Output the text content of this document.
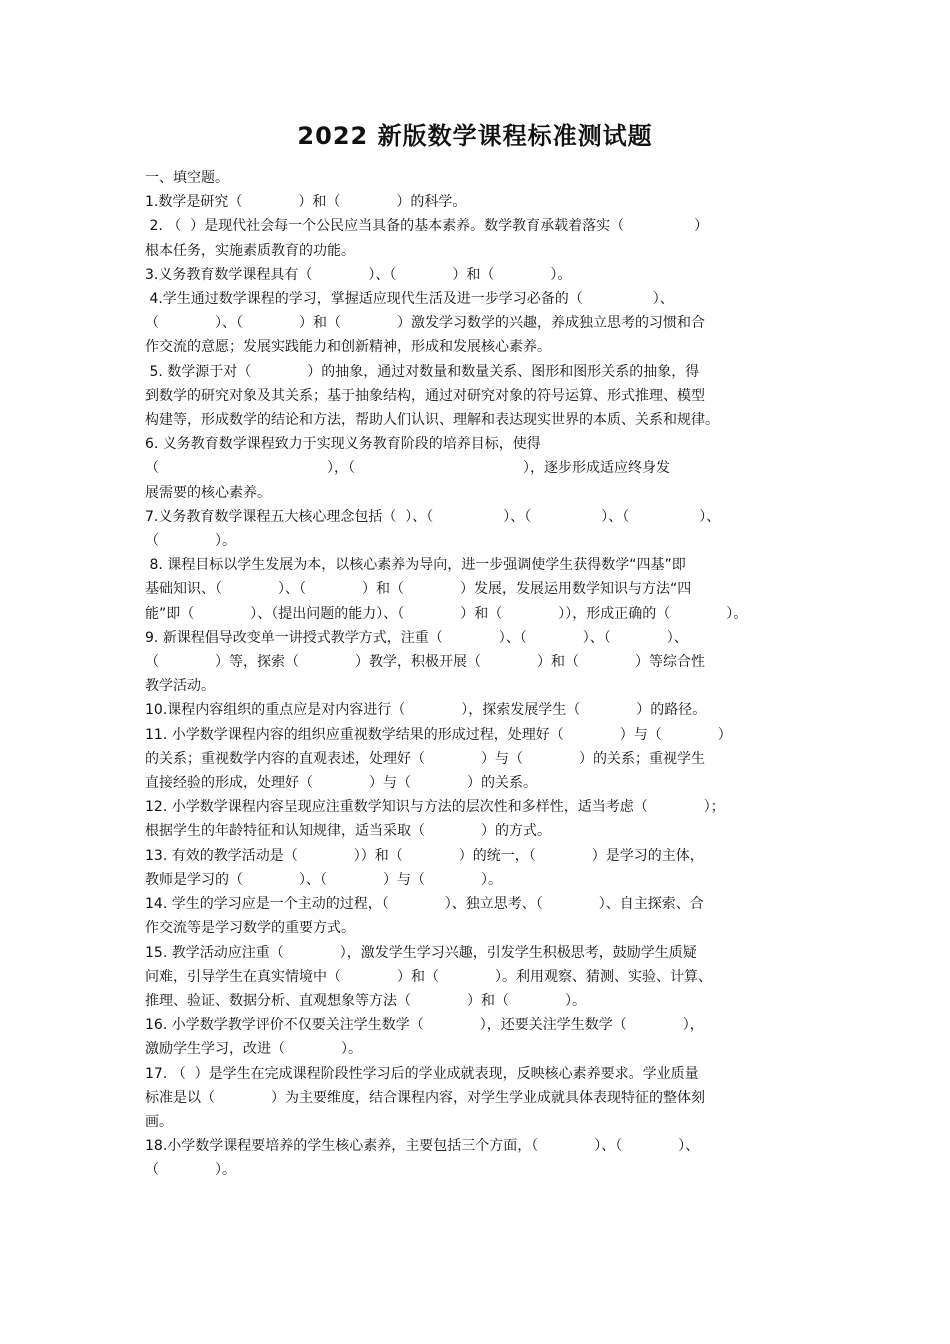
2022 新版数学课程标准测试题
一、填空题。
1.数学是研究（　　　　）和（　　　　）的科学。
2. （  ）是现代社会每一个公民应当具备的基本素养。数学教育承载着落实（　　　　　）
根本任务，实施素质教育的功能。
3.义务教育数学课程具有（　　　　）、（　　　　）和（　　　　）。
4.学生通过数学课程的学习，掌握适应现代生活及进一步学习必备的（　　　　　）、
（　　　　）、（　　　　）和（　　　　）激发学习数学的兴趣，养成独立思考的习惯和合
作交流的意愿；发展实践能力和创新精神，形成和发展核心素养。
5. 数学源于对（　　　　）的抽象，通过对数量和数量关系、图形和图形关系的抽象，得
到数学的研究对象及其关系；基于抽象结构，通过对研究对象的符号运算、形式推理、模型
构建等，形成数学的结论和方法，帮助人们认识、理解和表达现实世界的本质、关系和规律。
6. 义务教育数学课程致力于实现义务教育阶段的培养目标，使得
（　　　　　　　　　　　　），（　　　　　　　　　　　　），逐步形成适应终身发
展需要的核心素养。
7.义务教育数学课程五大核心理念包括（  ）、（　　　　　）、（　　　　　）、（　　　　　）、
（　　　　）。
8. 课程目标以学生发展为本，以核心素养为导向，进一步强调使学生获得数学“四基”即
基础知识、（　　　　）、（　　　　）和（　　　　）发展，发展运用数学知识与方法“四
能”即（　　　　）、（提出问题的能力）、（　　　　）和（　　　　）），形成正确的（　　　　）。
9. 新课程倡导改变单一讲授式教学方式，注重（　　　　）、（　　　　）、（　　　　）、
（　　　　）等，探索（　　　　）教学，积极开展（　　　　）和（　　　　）等综合性
教学活动。
10.课程内容组织的重点应是对内容进行（　　　　），探索发展学生（　　　　）的路径。
11. 小学数学课程内容的组织应重视数学结果的形成过程，处理好（　　　　）与（　　　　）
的关系；重视数学内容的直观表述，处理好（　　　　）与（　　　　）的关系；重视学生
直接经验的形成，处理好（　　　　）与（　　　　）的关系。
12. 小学数学课程内容呈现应注重数学知识与方法的层次性和多样性，适当考虑（　　　　）；
根据学生的年龄特征和认知规律，适当采取（　　　　）的方式。
13. 有效的教学活动是（　　　　））和（　　　　）的统一，（　　　　）是学习的主体，
教师是学习的（　　　　）、（　　　　）与（　　　　）。
14. 学生的学习应是一个主动的过程，（　　　　）、独立思考、（　　　　）、自主探索、合
作交流等是学习数学的重要方式。
15. 教学活动应注重（　　　　），激发学生学习兴趣，引发学生积极思考，鼓励学生质疑
问难，引导学生在真实情境中（　　　　）和（　　　　）。利用观察、猜测、实验、计算、
推理、验证、数据分析、直观想象等方法（　　　　）和（　　　　）。
16. 小学数学教学评价不仅要关注学生数学（　　　　），还要关注学生数学（　　　　），
激励学生学习，改进（　　　　）。
17. （  ）是学生在完成课程阶段性学习后的学业成就表现，反映核心素养要求。学业质量
标准是以（　　　　）为主要维度，结合课程内容，对学生学业成就具体表现特征的整体刻
画。
18.小学数学课程要培养的学生核心素养，主要包括三个方面，（　　　　）、（　　　　）、
（　　　　）。
